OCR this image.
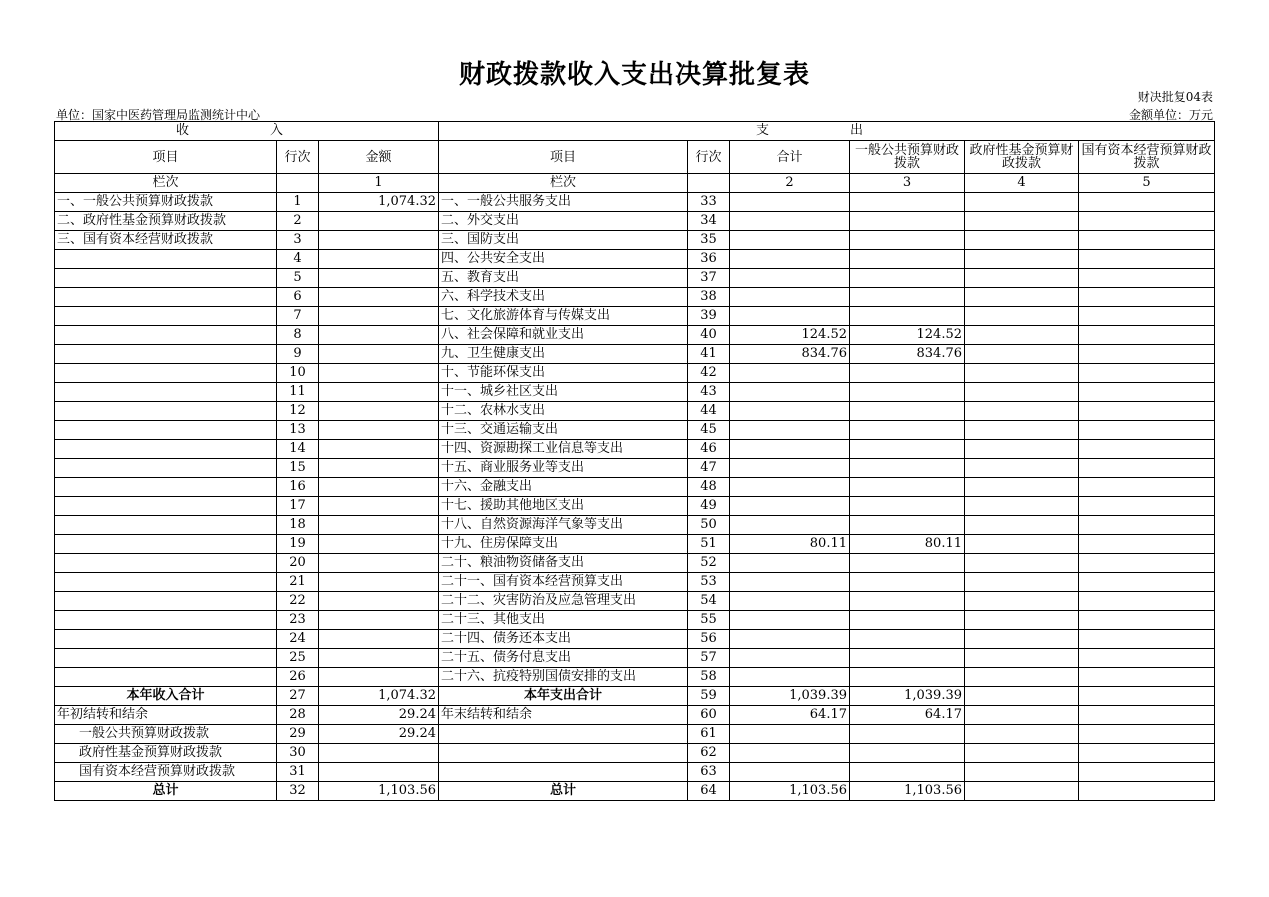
财政拨款收入支出决算批复表
财决批复04表
单位：国家中医药管理局监测统计中心	金额单位：万元
收　入			支　出					
项目	行次	金额	项目	行次	合计	一般公共预算财政拨款	政府性基金预算财政拨款	国有资本经营预算财政拨款
栏次		1	栏次		2	3	4	5
一、一般公共预算财政拨款	1	1,074.32	一、一般公共服务支出	33				
二、政府性基金预算财政拨款	2		二、外交支出	34				
三、国有资本经营财政拨款	3		三、国防支出	35				
	4		四、公共安全支出	36				
	5		五、教育支出	37				
	6		六、科学技术支出	38				
	7		七、文化旅游体育与传媒支出	39				
	8		八、社会保障和就业支出	40	124.52	124.52		
	9		九、卫生健康支出	41	834.76	834.76		
	10		十、节能环保支出	42				
	11		十一、城乡社区支出	43				
	12		十二、农林水支出	44				
	13		十三、交通运输支出	45				
	14		十四、资源勘探工业信息等支出	46				
	15		十五、商业服务业等支出	47				
	16		十六、金融支出	48				
	17		十七、援助其他地区支出	49				
	18		十八、自然资源海洋气象等支出	50				
	19		十九、住房保障支出	51	80.11	80.11		
	20		二十、粮油物资储备支出	52				
	21		二十一、国有资本经营预算支出	53				
	22		二十二、灾害防治及应急管理支出	54				
	23		二十三、其他支出	55				
	24		二十四、债务还本支出	56				
	25		二十五、债务付息支出	57				
	26		二十六、抗疫特别国债安排的支出	58				
本年收入合计	27	1,074.32	本年支出合计	59	1,039.39	1,039.39		
年初结转和结余	28	29.24	年末结转和结余	60	64.17	64.17		
一般公共预算财政拨款	29	29.24		61				
政府性基金预算财政拨款	30			62				
国有资本经营预算财政拨款	31			63				
总计	32	1,103.56	总计	64	1,103.56	1,103.56		
